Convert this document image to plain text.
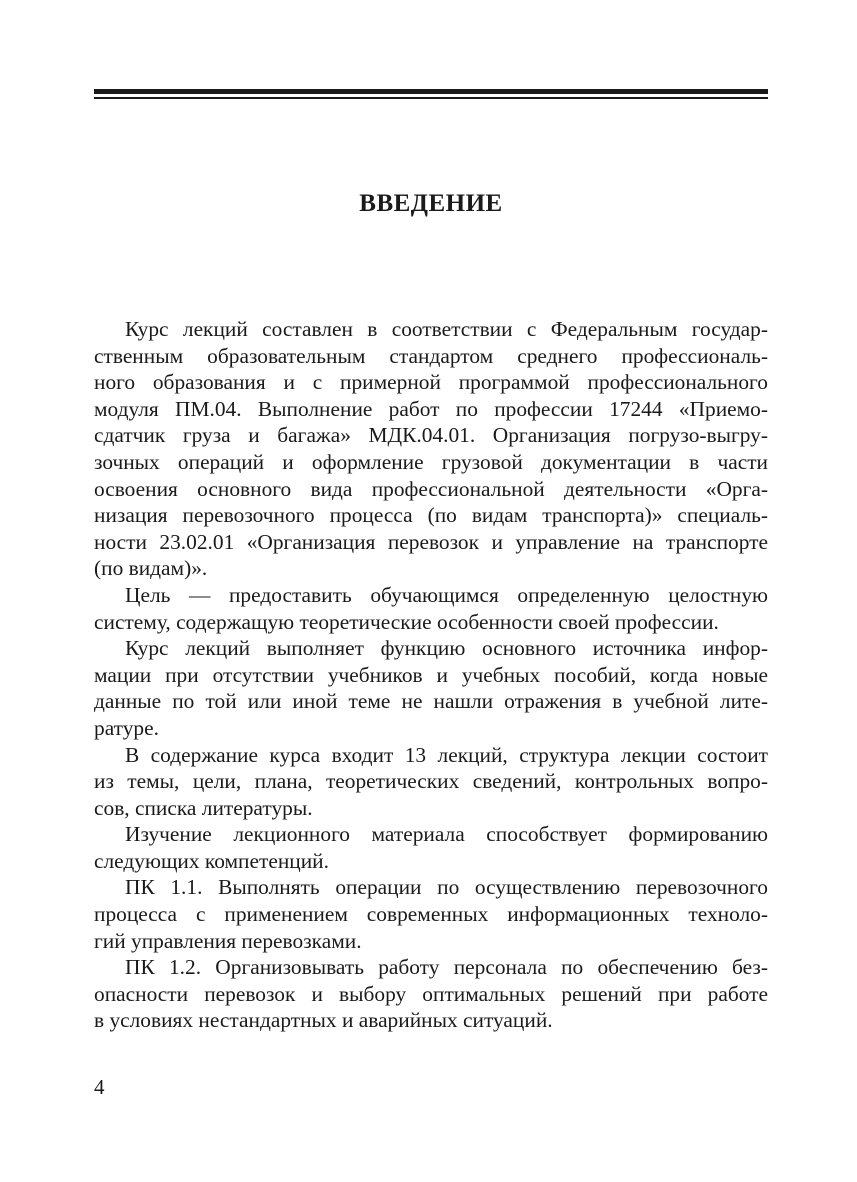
ВВЕДЕНИЕ
Курс лекций составлен в соответствии с Федеральным государ-
ственным образовательным стандартом среднего профессиональ-
ного образования и с примерной программой профессионального
модуля ПМ.04. Выполнение работ по профессии 17244 «Приемо-
сдатчик груза и багажа» МДК.04.01. Организация погрузо-выгру-
зочных операций и оформление грузовой документации в части
освоения основного вида профессиональной деятельности «Орга-
низация перевозочного процесса (по видам транспорта)» специаль-
ности 23.02.01 «Организация перевозок и управление на транспорте
(по видам)».
Цель — предоставить обучающимся определенную целостную
систему, содержащую теоретические особенности своей профессии.
Курс лекций выполняет функцию основного источника инфор-
мации при отсутствии учебников и учебных пособий, когда новые
данные по той или иной теме не нашли отражения в учебной лите-
ратуре.
В содержание курса входит 13 лекций, структура лекции состоит
из темы, цели, плана, теоретических сведений, контрольных вопро-
сов, списка литературы.
Изучение лекционного материала способствует формированию
следующих компетенций.
ПК 1.1. Выполнять операции по осуществлению перевозочного
процесса с применением современных информационных техноло-
гий управления перевозками.
ПК 1.2. Организовывать работу персонала по обеспечению без-
опасности перевозок и выбору оптимальных решений при работе
в условиях нестандартных и аварийных ситуаций.
4
